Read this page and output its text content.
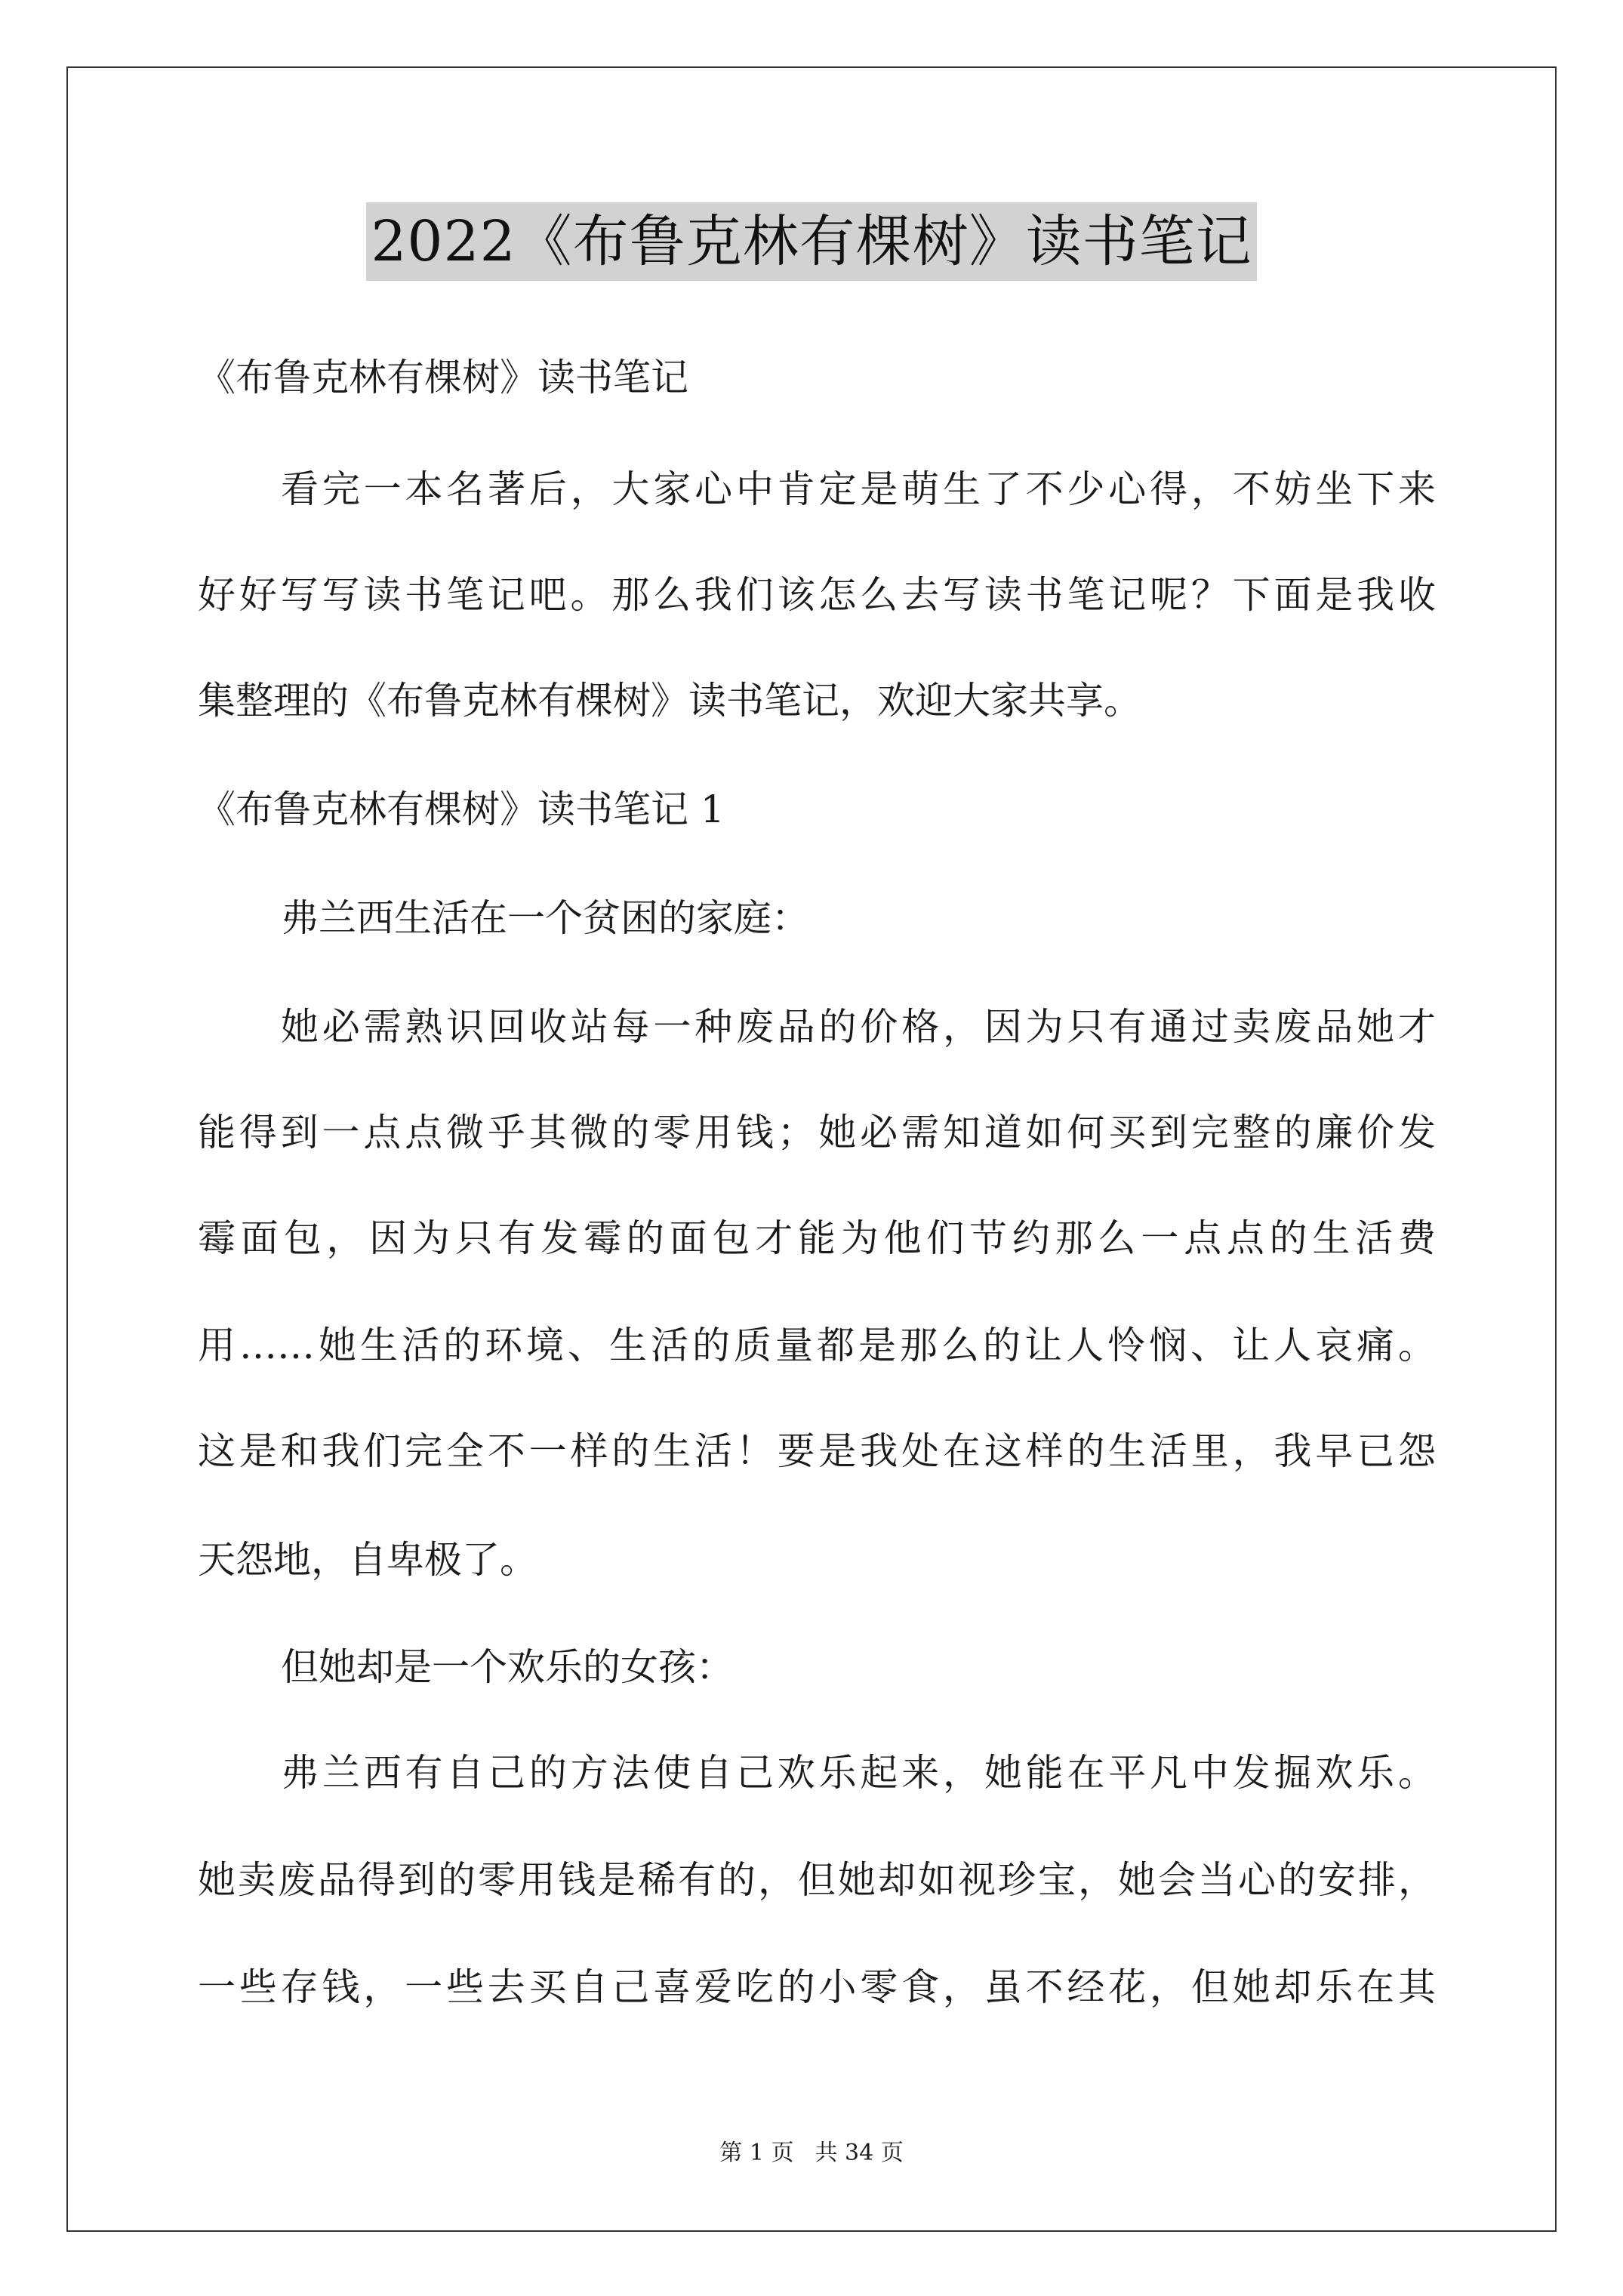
2022《布鲁克林有棵树》读书笔记
《布鲁克林有棵树》读书笔记
看完一本名著后，大家心中肯定是萌生了不少心得，不妨坐下来
好好写写读书笔记吧。那么我们该怎么去写读书笔记呢？下面是我收
集整理的《布鲁克林有棵树》读书笔记，欢迎大家共享。
《布鲁克林有棵树》读书笔记 1
弗兰西生活在一个贫困的家庭：
她必需熟识回收站每一种废品的价格，因为只有通过卖废品她才
能得到一点点微乎其微的零用钱；她必需知道如何买到完整的廉价发
霉面包，因为只有发霉的面包才能为他们节约那么一点点的生活费
用……她生活的环境、生活的质量都是那么的让人怜悯、让人哀痛。
这是和我们完全不一样的生活！要是我处在这样的生活里，我早已怨
天怨地，自卑极了。
但她却是一个欢乐的女孩：
弗兰西有自己的方法使自己欢乐起来，她能在平凡中发掘欢乐。
她卖废品得到的零用钱是稀有的，但她却如视珍宝，她会当心的安排，
一些存钱，一些去买自己喜爱吃的小零食，虽不经花，但她却乐在其
第 1 页 共 34 页
